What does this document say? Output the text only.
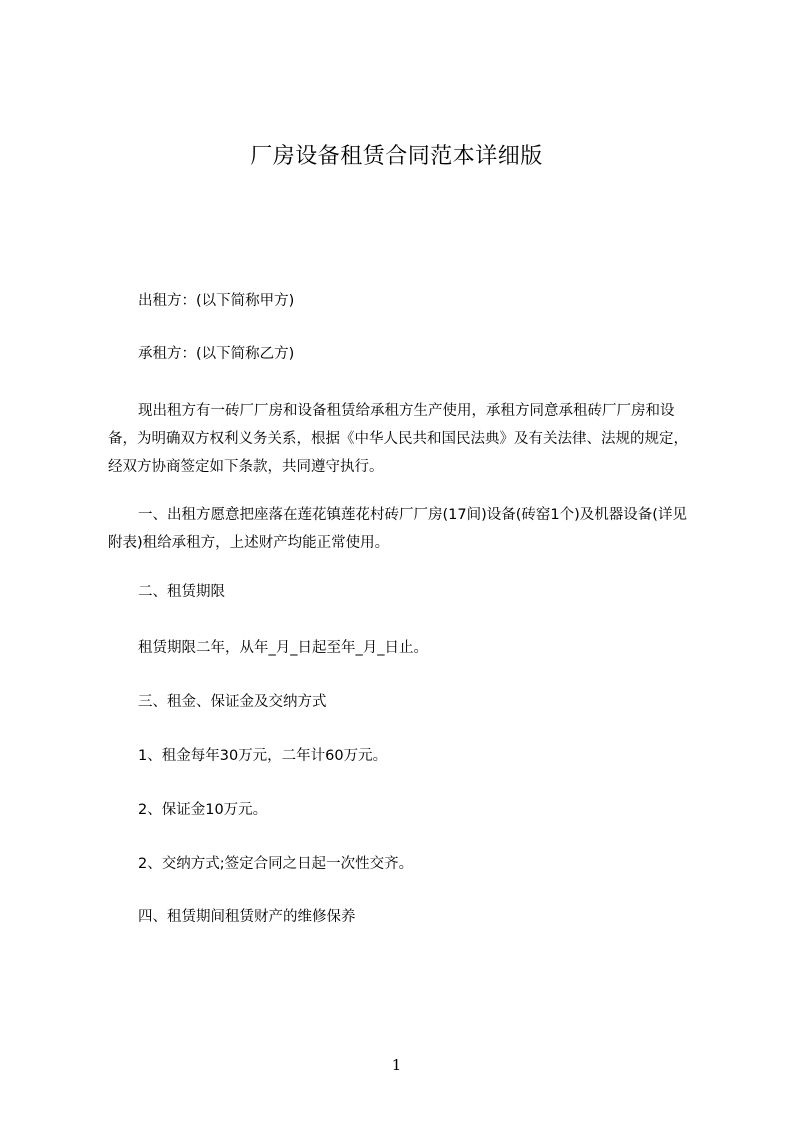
厂房设备租赁合同范本详细版

出租方：(以下简称甲方)

承租方：(以下简称乙方)

现出租方有一砖厂厂房和设备租赁给承租方生产使用，承租方同意承租砖厂厂房和设备，为明确双方权利义务关系，根据《中华人民共和国民法典》及有关法律、法规的规定，经双方协商签定如下条款，共同遵守执行。

一、出租方愿意把座落在莲花镇莲花村砖厂厂房(17间)设备(砖窑1个)及机器设备(详见附表)租给承租方，上述财产均能正常使用。

二、租赁期限

租赁期限二年，从年_月_日起至年_月_日止。

三、租金、保证金及交纳方式

1、租金每年30万元，二年计60万元。

2、保证金10万元。

2、交纳方式;签定合同之日起一次性交齐。

四、租赁期间租赁财产的维修保养

1
